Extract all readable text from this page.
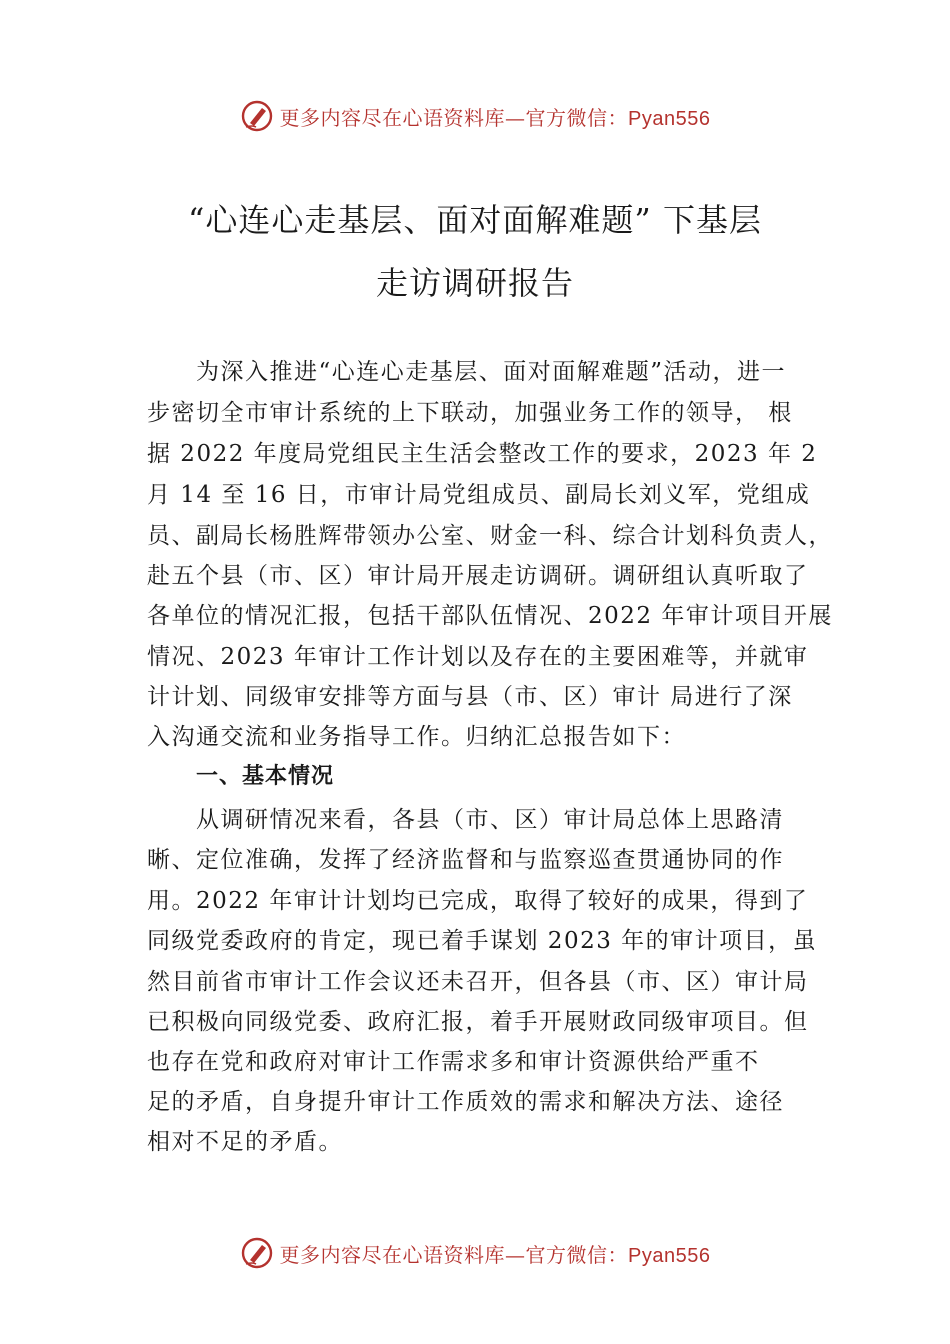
更多内容尽在心语资料库—官方微信：Pyan556
“心连心走基层、面对面解难题” 下基层
走访调研报告
为深入推进“心连心走基层、面对面解难题”活动，进一
步密切全市审计系统的上下联动，加强业务工作的领导， 根
据 2022 年度局党组民主生活会整改工作的要求，2023 年 2
月 14 至 16 日，市审计局党组成员、副局长刘义军，党组成
员、副局长杨胜辉带领办公室、财金一科、综合计划科负责人，
赴五个县（市、区）审计局开展走访调研。调研组认真听取了
各单位的情况汇报，包括干部队伍情况、2022 年审计项目开展
情况、2023 年审计工作计划以及存在的主要困难等，并就审
计计划、同级审安排等方面与县（市、区）审计 局进行了深
入沟通交流和业务指导工作。归纳汇总报告如下：
一、基本情况
从调研情况来看，各县（市、区）审计局总体上思路清
晰、定位准确，发挥了经济监督和与监察巡查贯通协同的作
用。2022 年审计计划均已完成，取得了较好的成果，得到了
同级党委政府的肯定，现已着手谋划 2023 年的审计项目，虽
然目前省市审计工作会议还未召开，但各县（市、区）审计局
已积极向同级党委、政府汇报，着手开展财政同级审项目。但
也存在党和政府对审计工作需求多和审计资源供给严重不
足的矛盾，自身提升审计工作质效的需求和解决方法、途径
相对不足的矛盾。
更多内容尽在心语资料库—官方微信：Pyan556
